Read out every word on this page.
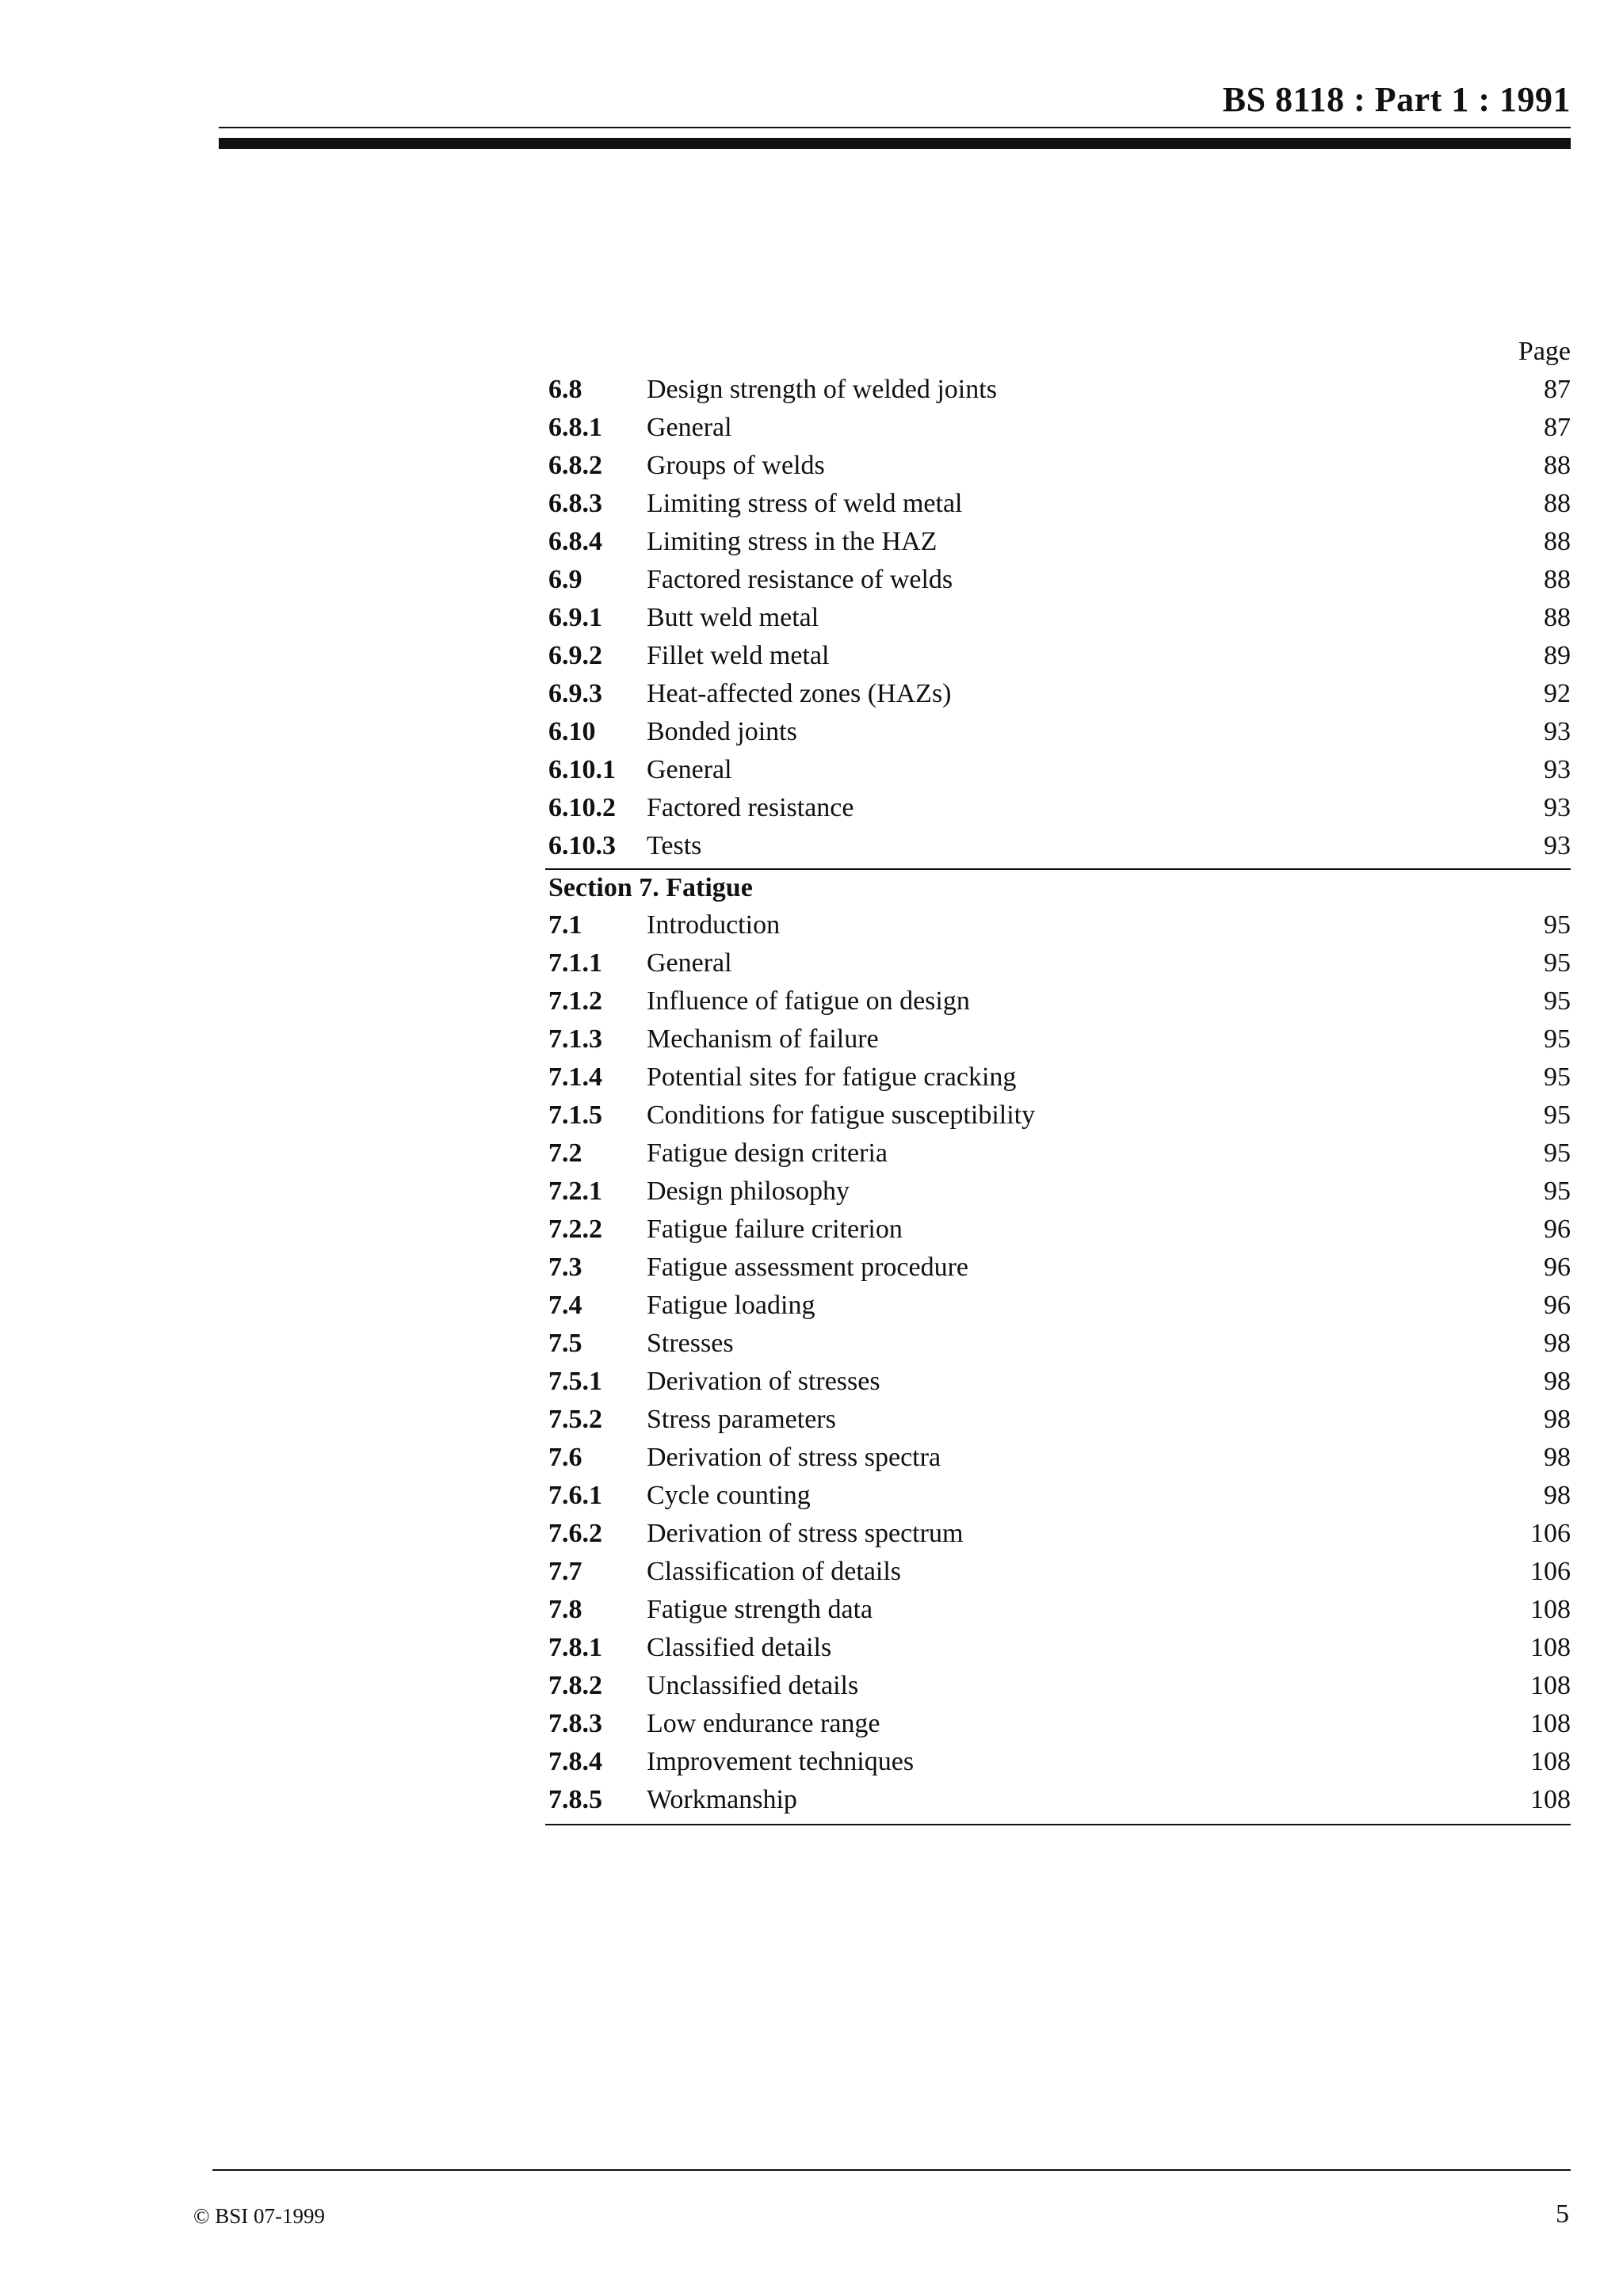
BS 8118 : Part 1 : 1991
Page
6.8 Design strength of welded joints	87
6.8.1 General	87
6.8.2 Groups of welds	88
6.8.3 Limiting stress of weld metal	88
6.8.4 Limiting stress in the HAZ	88
6.9 Factored resistance of welds	88
6.9.1 Butt weld metal	88
6.9.2 Fillet weld metal	89
6.9.3 Heat-affected zones (HAZs)	92
6.10 Bonded joints	93
6.10.1 General	93
6.10.2 Factored resistance	93
6.10.3 Tests	93
Section 7. Fatigue
7.1 Introduction	95
7.1.1 General	95
7.1.2 Influence of fatigue on design	95
7.1.3 Mechanism of failure	95
7.1.4 Potential sites for fatigue cracking	95
7.1.5 Conditions for fatigue susceptibility	95
7.2 Fatigue design criteria	95
7.2.1 Design philosophy	95
7.2.2 Fatigue failure criterion	96
7.3 Fatigue assessment procedure	96
7.4 Fatigue loading	96
7.5 Stresses	98
7.5.1 Derivation of stresses	98
7.5.2 Stress parameters	98
7.6 Derivation of stress spectra	98
7.6.1 Cycle counting	98
7.6.2 Derivation of stress spectrum	106
7.7 Classification of details	106
7.8 Fatigue strength data	108
7.8.1 Classified details	108
7.8.2 Unclassified details	108
7.8.3 Low endurance range	108
7.8.4 Improvement techniques	108
7.8.5 Workmanship	108
© BSI 07-1999	5
